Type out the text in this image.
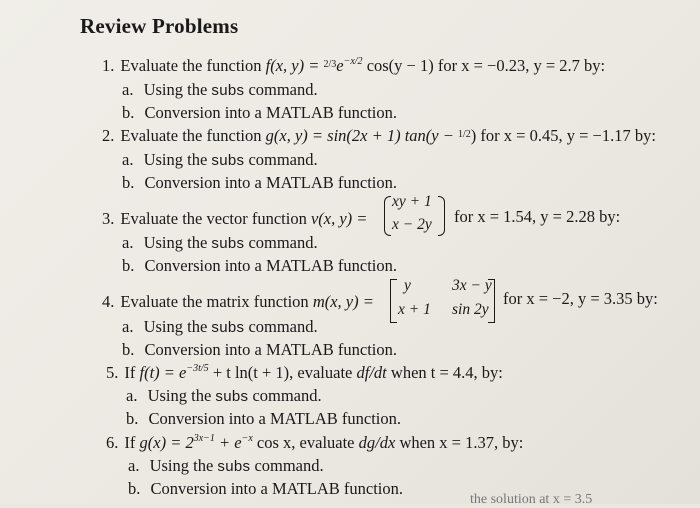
Review Problems
1. Evaluate the function f(x, $y) = 2/3e^{-x/2}$ cos(y − 1) for x = −0.23, y = 2.7 by:
a. Using the subs command.
b. Conversion into a MATLAB function.
2. Evaluate the function g(x, y) = sin(2x + 1) tan(y − 1/2) for x = 0.45, y = −1.17 by:
a. Using the subs command.
b. Conversion into a MATLAB function.
3. Evaluate the vector function v(x, y) =
xy + 1
x − 2y for x = 1.54, y = 2.28 by:
a. Using the subs command.
b. Conversion into a MATLAB function.
4. Evaluate the matrix function m(x, y) =
y	3x − y
x + 1 sin 2y
for x = −2, y = 3.35 by:
a. Using the subs command.
b. Conversion into a MATLAB function.
5. If $f(t) = e^{-3t/5} + t$ ln(t + 1), evaluate df/dt when t = 4.4, by:
a. Using the subs command.
b. Conversion into a MATLAB function.
6. If $g(x) = 2^{3x-1} + e^{-x}$ cos x, evaluate dg/dx when x = 1.37, by:
a. Using the subs command.
b. Conversion into a MATLAB function.
the solution at x = 3.5
